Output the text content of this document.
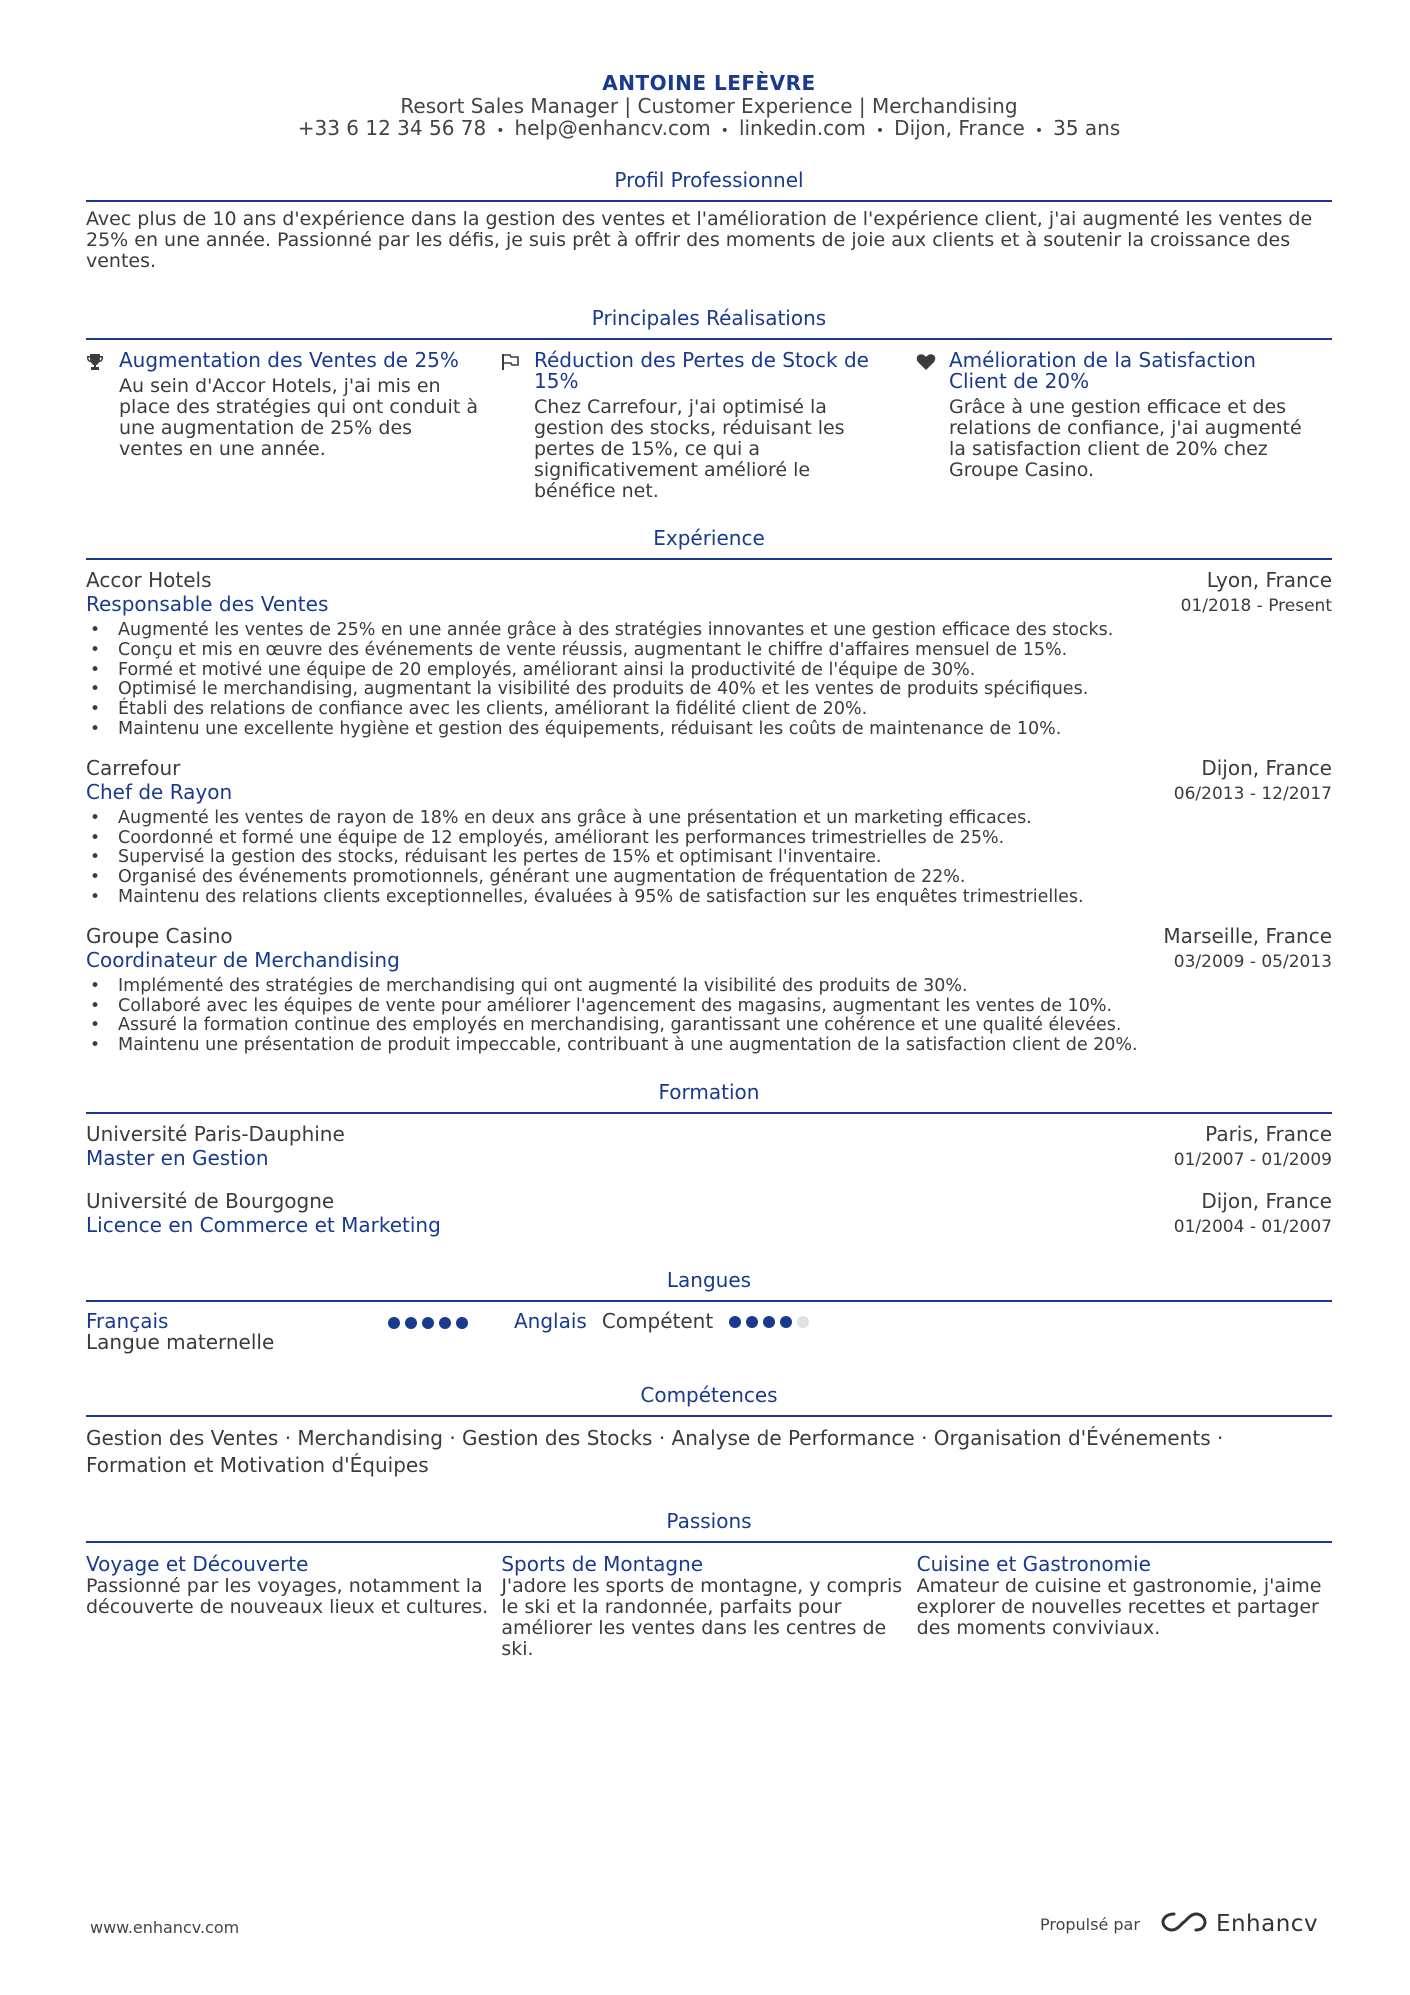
ANTOINE LEFÈVRE
Resort Sales Manager | Customer Experience | Merchandising
+33 6 12 34 56 78 • help@enhancv.com • linkedin.com • Dijon, France • 35 ans
Profil Professionnel
Avec plus de 10 ans d'expérience dans la gestion des ventes et l'amélioration de l'expérience client, j'ai augmenté les ventes de 25% en une année. Passionné par les défis, je suis prêt à offrir des moments de joie aux clients et à soutenir la croissance des ventes.
Principales Réalisations
Augmentation des Ventes de 25%
Au sein d'Accor Hotels, j'ai mis en place des stratégies qui ont conduit à une augmentation de 25% des ventes en une année.
Réduction des Pertes de Stock de 15%
Chez Carrefour, j'ai optimisé la gestion des stocks, réduisant les pertes de 15%, ce qui a significativement amélioré le bénéfice net.
Amélioration de la Satisfaction Client de 20%
Grâce à une gestion efficace et des relations de confiance, j'ai augmenté la satisfaction client de 20% chez Groupe Casino.
Expérience
Accor Hotels	Lyon, France
Responsable des Ventes	01/2018 - Present
• Augmenté les ventes de 25% en une année grâce à des stratégies innovantes et une gestion efficace des stocks.
• Conçu et mis en œuvre des événements de vente réussis, augmentant le chiffre d'affaires mensuel de 15%.
• Formé et motivé une équipe de 20 employés, améliorant ainsi la productivité de l'équipe de 30%.
• Optimisé le merchandising, augmentant la visibilité des produits de 40% et les ventes de produits spécifiques.
• Établi des relations de confiance avec les clients, améliorant la fidélité client de 20%.
• Maintenu une excellente hygiène et gestion des équipements, réduisant les coûts de maintenance de 10%.
Carrefour	Dijon, France
Chef de Rayon	06/2013 - 12/2017
• Augmenté les ventes de rayon de 18% en deux ans grâce à une présentation et un marketing efficaces.
• Coordonné et formé une équipe de 12 employés, améliorant les performances trimestrielles de 25%.
• Supervisé la gestion des stocks, réduisant les pertes de 15% et optimisant l'inventaire.
• Organisé des événements promotionnels, générant une augmentation de fréquentation de 22%.
• Maintenu des relations clients exceptionnelles, évaluées à 95% de satisfaction sur les enquêtes trimestrielles.
Groupe Casino	Marseille, France
Coordinateur de Merchandising	03/2009 - 05/2013
• Implémenté des stratégies de merchandising qui ont augmenté la visibilité des produits de 30%.
• Collaboré avec les équipes de vente pour améliorer l'agencement des magasins, augmentant les ventes de 10%.
• Assuré la formation continue des employés en merchandising, garantissant une cohérence et une qualité élevées.
• Maintenu une présentation de produit impeccable, contribuant à une augmentation de la satisfaction client de 20%.
Formation
Université Paris-Dauphine	Paris, France
Master en Gestion	01/2007 - 01/2009
Université de Bourgogne	Dijon, France
Licence en Commerce et Marketing	01/2004 - 01/2007
Langues
Français
Langue maternelle
Anglais Compétent
Compétences
Gestion des Ventes · Merchandising · Gestion des Stocks · Analyse de Performance · Organisation d'Événements ·
Formation et Motivation d'Équipes
Passions
Voyage et Découverte
Passionné par les voyages, notamment la découverte de nouveaux lieux et cultures.
Sports de Montagne
J'adore les sports de montagne, y compris le ski et la randonnée, parfaits pour améliorer les ventes dans les centres de ski.
Cuisine et Gastronomie
Amateur de cuisine et gastronomie, j'aime explorer de nouvelles recettes et partager des moments conviviaux.
www.enhancv.com	Propulsé par	Enhancv
